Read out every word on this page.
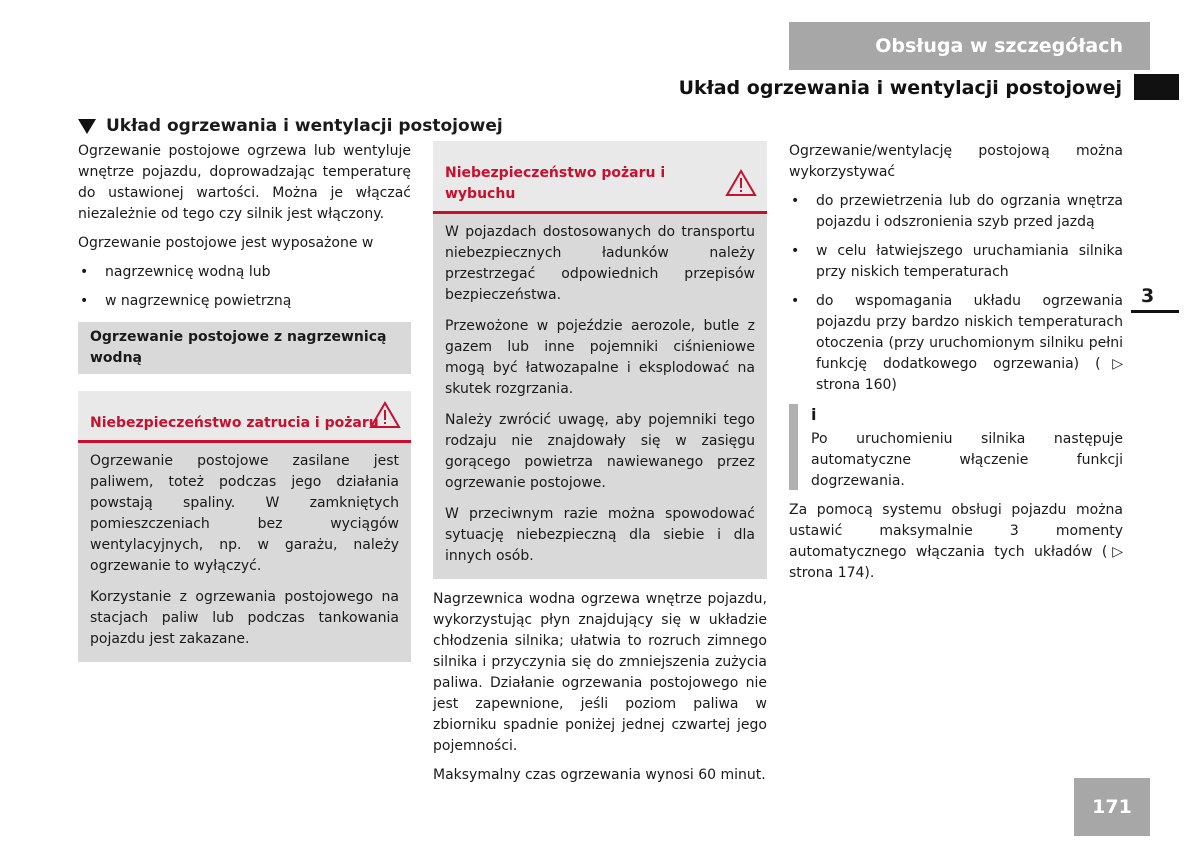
Obsługa w szczegółach
Układ ogrzewania i wentylacji postojowej
3
Układ ogrzewania i wentylacji postojowej

Ogrzewanie postojowe ogrzewa lub wentyluje wnętrze pojazdu, doprowadzając temperaturę do ustawionej wartości. Można je włączać niezależnie od tego czy silnik jest włączony.

Ogrzewanie postojowe jest wyposażone w

• nagrzewnicę wodną lub
• w nagrzewnicę powietrzną
Ogrzewanie postojowe z nagrzewnicą wodną
Niebezpieczeństwo zatrucia i pożaru

Ogrzewanie postojowe zasilane jest paliwem, toteż podczas jego działania powstają spaliny. W zamkniętych pomieszczeniach bez wyciągów wentylacyjnych, np. w garażu, należy ogrzewanie to wyłączyć.

Korzystanie z ogrzewania postojowego na stacjach paliw lub podczas tankowania pojazdu jest zakazane.

Niebezpieczeństwo pożaru i wybuchu

W pojazdach dostosowanych do transportu niebezpiecznych ładunków należy przestrzegać odpowiednich przepisów bezpieczeństwa.

Przewożone w pojeździe aerozole, butle z gazem lub inne pojemniki ciśnieniowe mogą być łatwozapalne i eksplodować na skutek rozgrzania.

Należy zwrócić uwagę, aby pojemniki tego rodzaju nie znajdowały się w zasięgu gorącego powietrza nawiewanego przez ogrzewanie postojowe.

W przeciwnym razie można spowodować sytuację niebezpieczną dla siebie i dla innych osób.

Nagrzewnica wodna ogrzewa wnętrze pojazdu, wykorzystując płyn znajdujący się w układzie chłodzenia silnika; ułatwia to rozruch zimnego silnika i przyczynia się do zmniejszenia zużycia paliwa. Działanie ogrzewania postojowego nie jest zapewnione, jeśli poziom paliwa w zbiorniku spadnie poniżej jednej czwartej jego pojemności.

Maksymalny czas ogrzewania wynosi 60 minut.

Ogrzewanie/wentylację postojową można wykorzystywać

• do przewietrzenia lub do ogrzania wnętrza pojazdu i odszronienia szyb przed jazdą
• w celu łatwiejszego uruchamiania silnika przy niskich temperaturach
• do wspomagania układu ogrzewania pojazdu przy bardzo niskich temperaturach otoczenia (przy uruchomionym silniku pełni funkcję dodatkowego ogrzewania) (▷ strona 160)
i

Po uruchomieniu silnika następuje automatyczne włączenie funkcji dogrzewania.

Za pomocą systemu obsługi pojazdu można ustawić maksymalnie 3 momenty automatycznego włączania tych układów (▷ strona 174).

171
